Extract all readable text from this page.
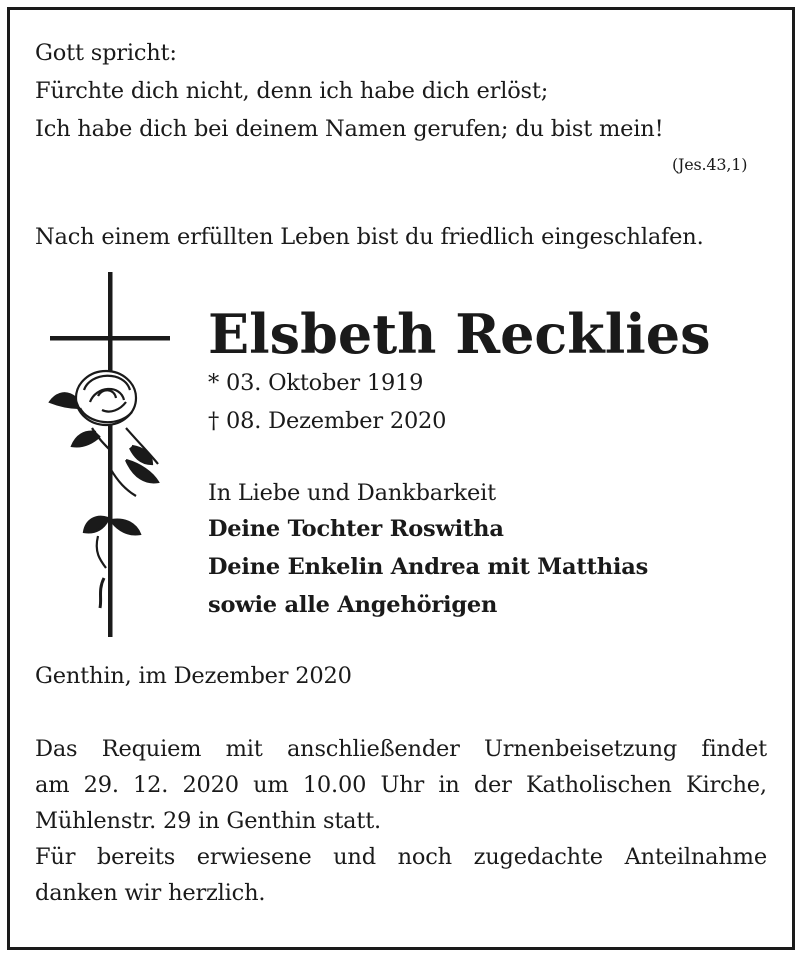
Gott spricht:

Fürchte dich nicht, denn ich habe dich erlöst;

Ich habe dich bei deinem Namen gerufen; du bist mein!

(Jes.43,1)

Nach einem erfüllten Leben bist du friedlich eingeschlafen.

Elsbeth Recklies

* 03. Oktober 1919

† 08. Dezember 2020

In Liebe und Dankbarkeit

Deine Tochter Roswitha

Deine Enkelin Andrea mit Matthias

sowie alle Angehörigen

Genthin, im Dezember 2020

Das Requiem mit anschließender Urnenbeisetzung findet
am 29. 12. 2020 um 10.00 Uhr in der Katholischen Kirche,

Mühlenstr. 29 in Genthin statt.

Für bereits erwiesene und noch zugedachte Anteilnahme

danken wir herzlich.
